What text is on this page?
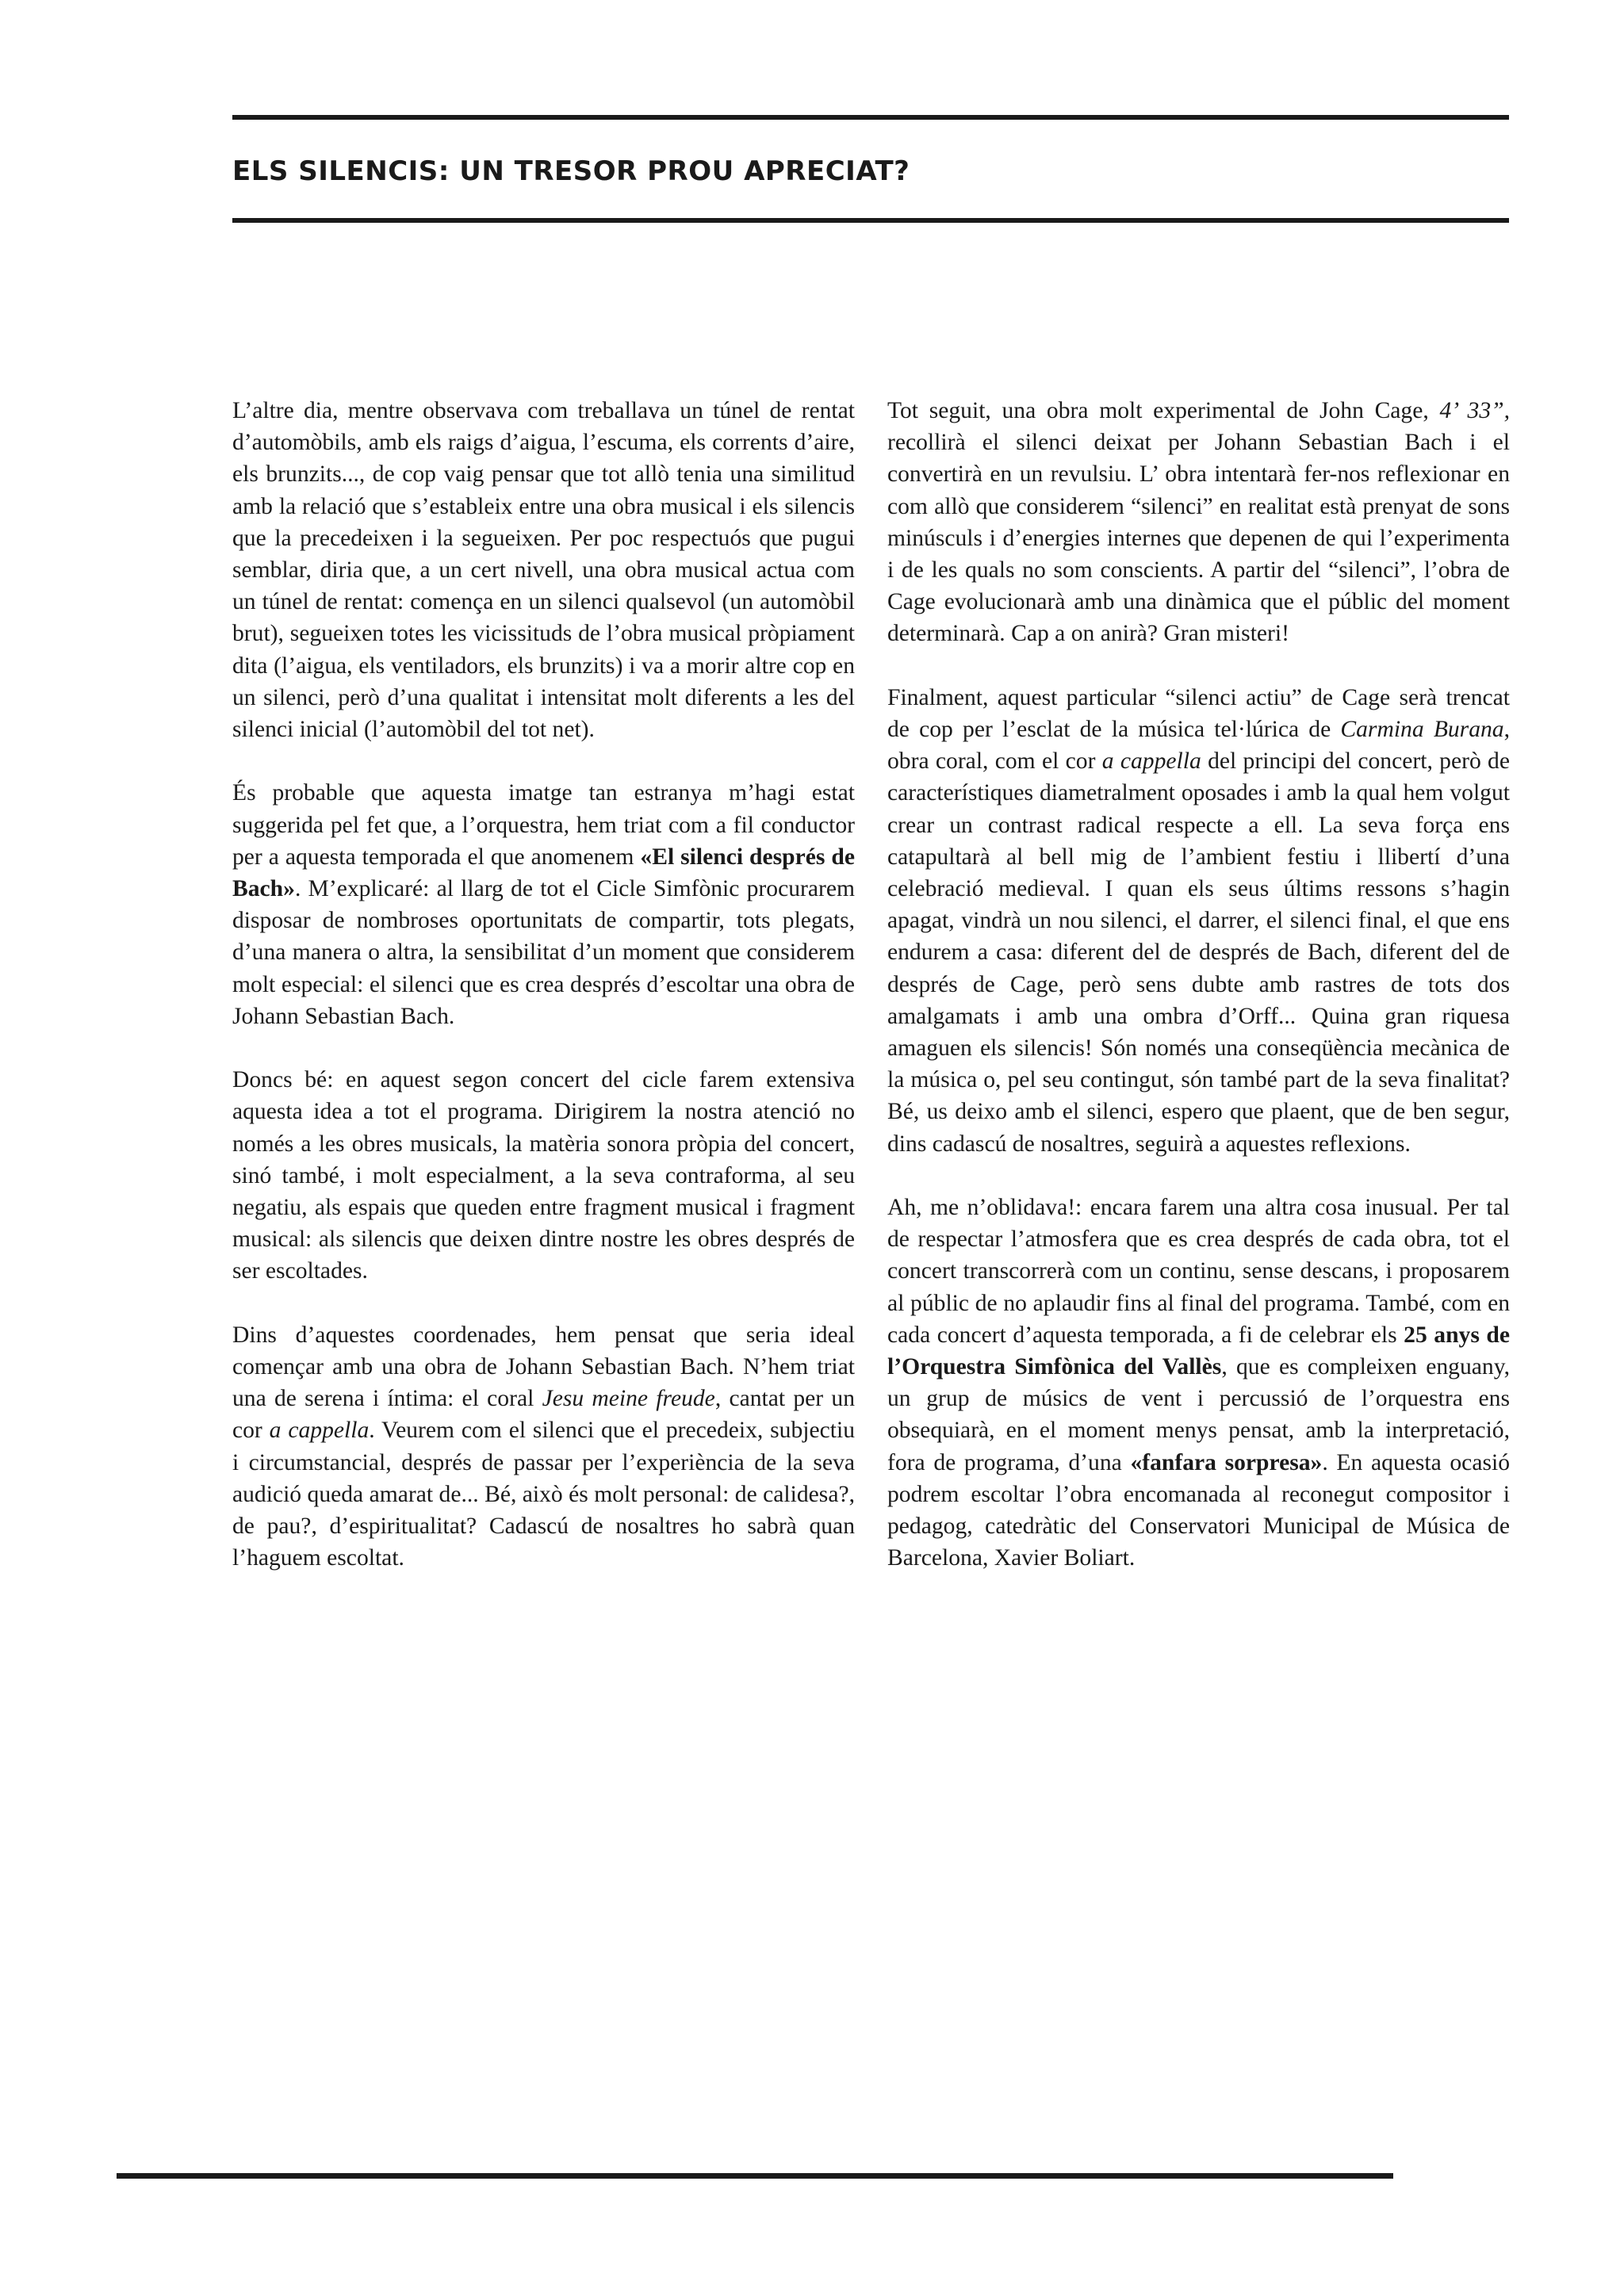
ELS SILENCIS: UN TRESOR PROU APRECIAT?

L’altre dia, mentre observava com treballava un túnel de rentat d’automòbils, amb els raigs d’aigua, l’escuma, els corrents d’aire, els brunzits..., de cop vaig pensar que tot allò tenia una similitud amb la relació que s’estableix entre una obra musical i els silencis que la precedeixen i la segueixen. Per poc respectuós que pugui semblar, diria que, a un cert nivell, una obra musical actua com un túnel de rentat: comença en un silenci qualsevol (un automòbil brut), segueixen totes les vicissituds de l’obra musical pròpiament dita (l’aigua, els ventiladors, els brunzits) i va a morir altre cop en un silenci, però d’una qualitat i intensitat molt diferents a les del silenci inicial (l’automòbil del tot net).

És probable que aquesta imatge tan estranya m’hagi estat suggerida pel fet que, a l’orquestra, hem triat com a fil conductor per a aquesta temporada el que anomenem «El silenci després de Bach». M’explicaré: al llarg de tot el Cicle Simfònic procurarem disposar de nombroses oportunitats de compartir, tots plegats, d’una manera o altra, la sensibilitat d’un moment que considerem molt especial: el silenci que es crea després d’escoltar una obra de Johann Sebastian Bach.

Doncs bé: en aquest segon concert del cicle farem extensiva aquesta idea a tot el programa. Dirigirem la nostra atenció no només a les obres musicals, la matèria sonora pròpia del concert, sinó també, i molt especialment, a la seva contraforma, al seu negatiu, als espais que queden entre fragment musical i fragment musical: als silencis que deixen dintre nostre les obres després de ser escoltades.

Dins d’aquestes coordenades, hem pensat que seria ideal començar amb una obra de Johann Sebastian Bach. N’hem triat una de serena i íntima: el coral Jesu meine freude, cantat per un cor a cappella. Veurem com el silenci que el precedeix, subjectiu i circumstancial, després de passar per l’experiència de la seva audició queda amarat de... Bé, això és molt personal: de calidesa?, de pau?, d’espiritualitat? Cadascú de nosaltres ho sabrà quan l’haguem escoltat.

Tot seguit, una obra molt experimental de John Cage, 4’ 33”, recollirà el silenci deixat per Johann Sebastian Bach i el convertirà en un revulsiu. L’ obra intentarà fer-nos reflexionar en com allò que considerem “silenci” en realitat està prenyat de sons minúsculs i d’energies internes que depenen de qui l’experimenta i de les quals no som conscients. A partir del “silenci”, l’obra de Cage evolucionarà amb una dinàmica que el públic del moment determinarà. Cap a on anirà? Gran misteri!

Finalment, aquest particular “silenci actiu” de Cage serà trencat de cop per l’esclat de la música tel·lúrica de Carmina Burana, obra coral, com el cor a cappella del principi del concert, però de característiques diametralment oposades i amb la qual hem volgut crear un contrast radical respecte a ell. La seva força ens catapultarà al bell mig de l’ambient festiu i llibertí d’una celebració medieval. I quan els seus últims ressons s’hagin apagat, vindrà un nou silenci, el darrer, el silenci final, el que ens endurem a casa: diferent del de després de Bach, diferent del de després de Cage, però sens dubte amb rastres de tots dos amalgamats i amb una ombra d’Orff... Quina gran riquesa amaguen els silencis! Són només una conseqüència mecànica de la música o, pel seu contingut, són també part de la seva finalitat? Bé, us deixo amb el silenci, espero que plaent, que de ben segur, dins cadascú de nosaltres, seguirà a aquestes reflexions.

Ah, me n’oblidava!: encara farem una altra cosa inusual. Per tal de respectar l’atmosfera que es crea després de cada obra, tot el concert transcorrerà com un continu, sense descans, i proposarem al públic de no aplaudir fins al final del programa. També, com en cada concert d’aquesta temporada, a fi de celebrar els 25 anys de l’Orquestra Simfònica del Vallès, que es compleixen enguany, un grup de músics de vent i percussió de l’orquestra ens obsequiarà, en el moment menys pensat, amb la interpretació, fora de programa, d’una «fanfara sorpresa». En aquesta ocasió podrem escoltar l’obra encomanada al reconegut compositor i pedagog, catedràtic del Conservatori Municipal de Música de Barcelona, Xavier Boliart.
